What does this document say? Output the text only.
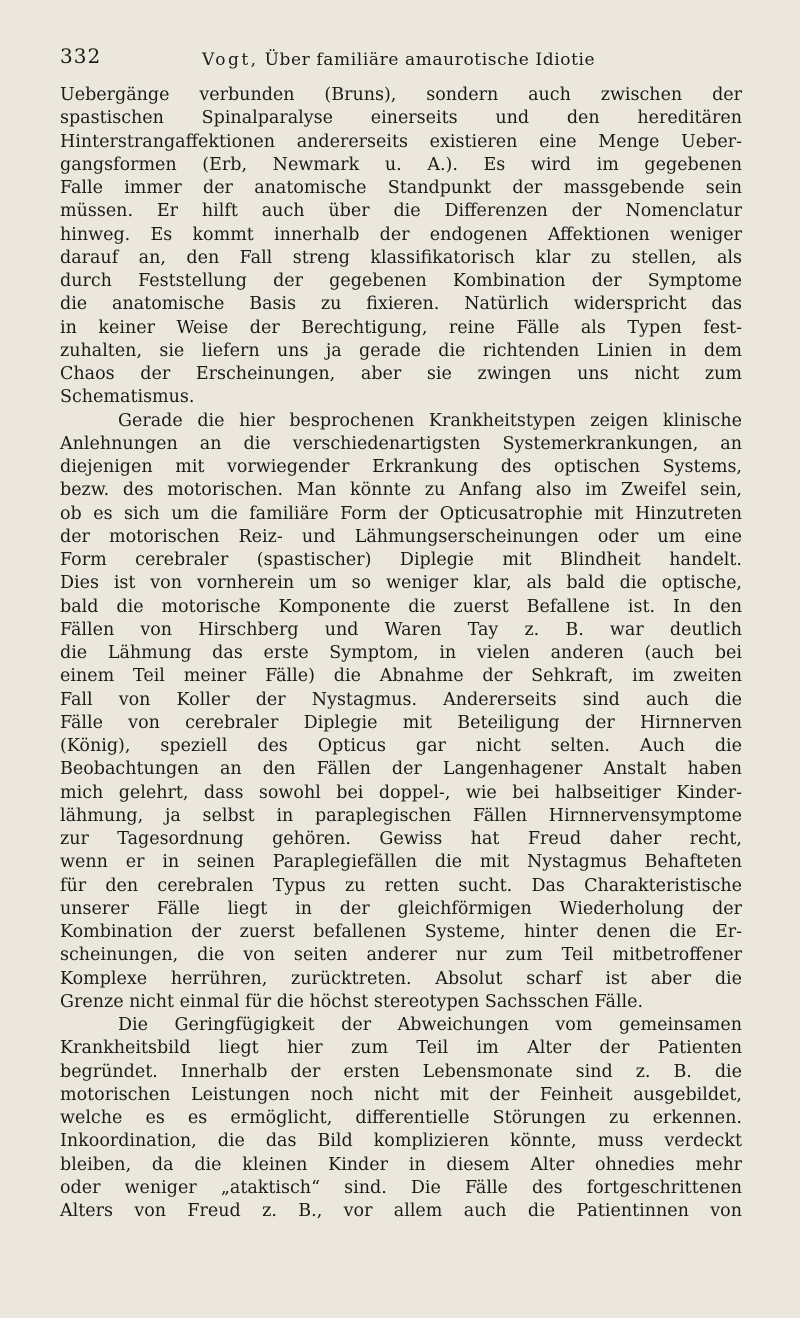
332	Vogt, Über familiäre amaurotische Idiotie
Uebergänge verbunden (Bruns), sondern auch zwischen der
spastischen Spinalparalyse einerseits und den hereditären
Hinterstrangaffektionen andererseits existieren eine Menge Ueber-
gangsformen (Erb, Newmark u. A.). Es wird im gegebenen
Falle immer der anatomische Standpunkt der massgebende sein
müssen. Er hilft auch über die Differenzen der Nomenclatur
hinweg. Es kommt innerhalb der endogenen Affektionen weniger
darauf an, den Fall streng klassifikatorisch klar zu stellen, als
durch Feststellung der gegebenen Kombination der Symptome
die anatomische Basis zu fixieren. Natürlich widerspricht das
in keiner Weise der Berechtigung, reine Fälle als Typen fest-
zuhalten, sie liefern uns ja gerade die richtenden Linien in dem
Chaos der Erscheinungen, aber sie zwingen uns nicht zum
Schematismus.
Gerade die hier besprochenen Krankheitstypen zeigen klinische
Anlehnungen an die verschiedenartigsten Systemerkrankungen, an
diejenigen mit vorwiegender Erkrankung des optischen Systems,
bezw. des motorischen. Man könnte zu Anfang also im Zweifel sein,
ob es sich um die familiäre Form der Opticusatrophie mit Hinzutreten
der motorischen Reiz- und Lähmungserscheinungen oder um eine
Form cerebraler (spastischer) Diplegie mit Blindheit handelt.
Dies ist von vornherein um so weniger klar, als bald die optische,
bald die motorische Komponente die zuerst Befallene ist. In den
Fällen von Hirschberg und Waren Tay z. B. war deutlich
die Lähmung das erste Symptom, in vielen anderen (auch bei
einem Teil meiner Fälle) die Abnahme der Sehkraft, im zweiten
Fall von Koller der Nystagmus. Andererseits sind auch die
Fälle von cerebraler Diplegie mit Beteiligung der Hirnnerven
(König), speziell des Opticus gar nicht selten. Auch die
Beobachtungen an den Fällen der Langenhagener Anstalt haben
mich gelehrt, dass sowohl bei doppel-, wie bei halbseitiger Kinder-
lähmung, ja selbst in paraplegischen Fällen Hirnnervensymptome
zur Tagesordnung gehören. Gewiss hat Freud daher recht,
wenn er in seinen Paraplegiefällen die mit Nystagmus Behafteten
für den cerebralen Typus zu retten sucht. Das Charakteristische
unserer Fälle liegt in der gleichförmigen Wiederholung der
Kombination der zuerst befallenen Systeme, hinter denen die Er-
scheinungen, die von seiten anderer nur zum Teil mitbetroffener
Komplexe herrühren, zurücktreten. Absolut scharf ist aber die
Grenze nicht einmal für die höchst stereotypen Sachsschen Fälle.
Die Geringfügigkeit der Abweichungen vom gemeinsamen
Krankheitsbild liegt hier zum Teil im Alter der Patienten
begründet. Innerhalb der ersten Lebensmonate sind z. B. die
motorischen Leistungen noch nicht mit der Feinheit ausgebildet,
welche es es ermöglicht, differentielle Störungen zu erkennen.
Inkoordination, die das Bild komplizieren könnte, muss verdeckt
bleiben, da die kleinen Kinder in diesem Alter ohnedies mehr
oder weniger „ataktisch“ sind. Die Fälle des fortgeschrittenen
Alters von Freud z. B., vor allem auch die Patientinnen von
